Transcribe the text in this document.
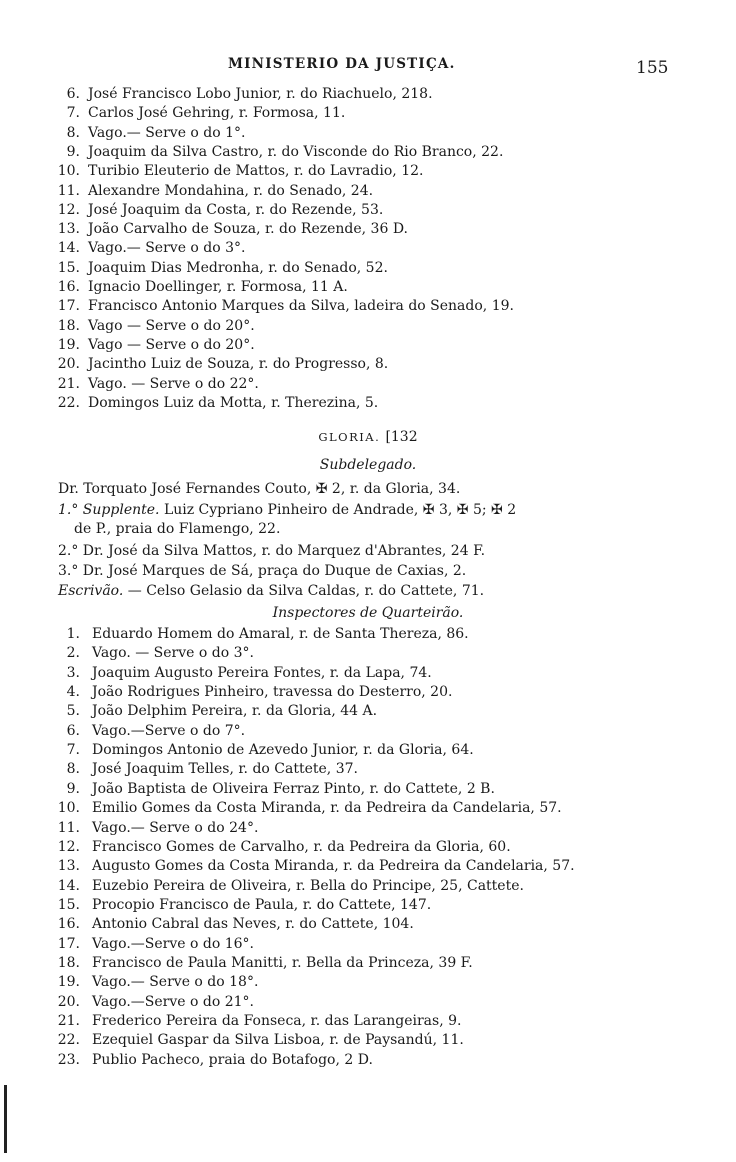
MINISTERIO DA JUSTIÇA.	155
6. José Francisco Lobo Junior, r. do Riachuelo, 218.
7. Carlos José Gehring, r. Formosa, 11.
8. Vago.— Serve o do 1°.
9. Joaquim da Silva Castro, r. do Visconde do Rio Branco, 22.
10. Turibio Eleuterio de Mattos, r. do Lavradio, 12.
11. Alexandre Mondahina, r. do Senado, 24.
12. José Joaquim da Costa, r. do Rezende, 53.
13. João Carvalho de Souza, r. do Rezende, 36 D.
14. Vago.— Serve o do 3°.
15. Joaquim Dias Medronha, r. do Senado, 52.
16. Ignacio Doellinger, r. Formosa, 11 A.
17. Francisco Antonio Marques da Silva, ladeira do Senado, 19.
18. Vago — Serve o do 20°.
19. Vago — Serve o do 20°.
20. Jacintho Luiz de Souza, r. do Progresso, 8.
21. Vago. — Serve o do 22°.
22. Domingos Luiz da Motta, r. Therezina, 5.
GLORIA. [132
Subdelegado.
Dr. Torquato José Fernandes Couto, ✠ 2, r. da Gloria, 34.
1.° Supplente. Luiz Cypriano Pinheiro de Andrade, ✠ 3, ✠ 5; ✠ 2
de P., praia do Flamengo, 22.
2.° Dr. José da Silva Mattos, r. do Marquez d'Abrantes, 24 F.
3.° Dr. José Marques de Sá, praça do Duque de Caxias, 2.
Escrivão. — Celso Gelasio da Silva Caldas, r. do Cattete, 71.
Inspectores de Quarteirão.
1. Eduardo Homem do Amaral, r. de Santa Thereza, 86.
2. Vago. — Serve o do 3°.
3. Joaquim Augusto Pereira Fontes, r. da Lapa, 74.
4. João Rodrigues Pinheiro, travessa do Desterro, 20.
5. João Delphim Pereira, r. da Gloria, 44 A.
6. Vago.—Serve o do 7°.
7. Domingos Antonio de Azevedo Junior, r. da Gloria, 64.
8. José Joaquim Telles, r. do Cattete, 37.
9. João Baptista de Oliveira Ferraz Pinto, r. do Cattete, 2 B.
10. Emilio Gomes da Costa Miranda, r. da Pedreira da Candelaria, 57.
11. Vago.— Serve o do 24°.
12. Francisco Gomes de Carvalho, r. da Pedreira da Gloria, 60.
13. Augusto Gomes da Costa Miranda, r. da Pedreira da Candelaria, 57.
14. Euzebio Pereira de Oliveira, r. Bella do Principe, 25, Cattete.
15. Procopio Francisco de Paula, r. do Cattete, 147.
16. Antonio Cabral das Neves, r. do Cattete, 104.
17. Vago.—Serve o do 16°.
18. Francisco de Paula Manitti, r. Bella da Princeza, 39 F.
19. Vago.— Serve o do 18°.
20. Vago.—Serve o do 21°.
21. Frederico Pereira da Fonseca, r. das Larangeiras, 9.
22. Ezequiel Gaspar da Silva Lisboa, r. de Paysandú, 11.
23. Publio Pacheco, praia do Botafogo, 2 D.
